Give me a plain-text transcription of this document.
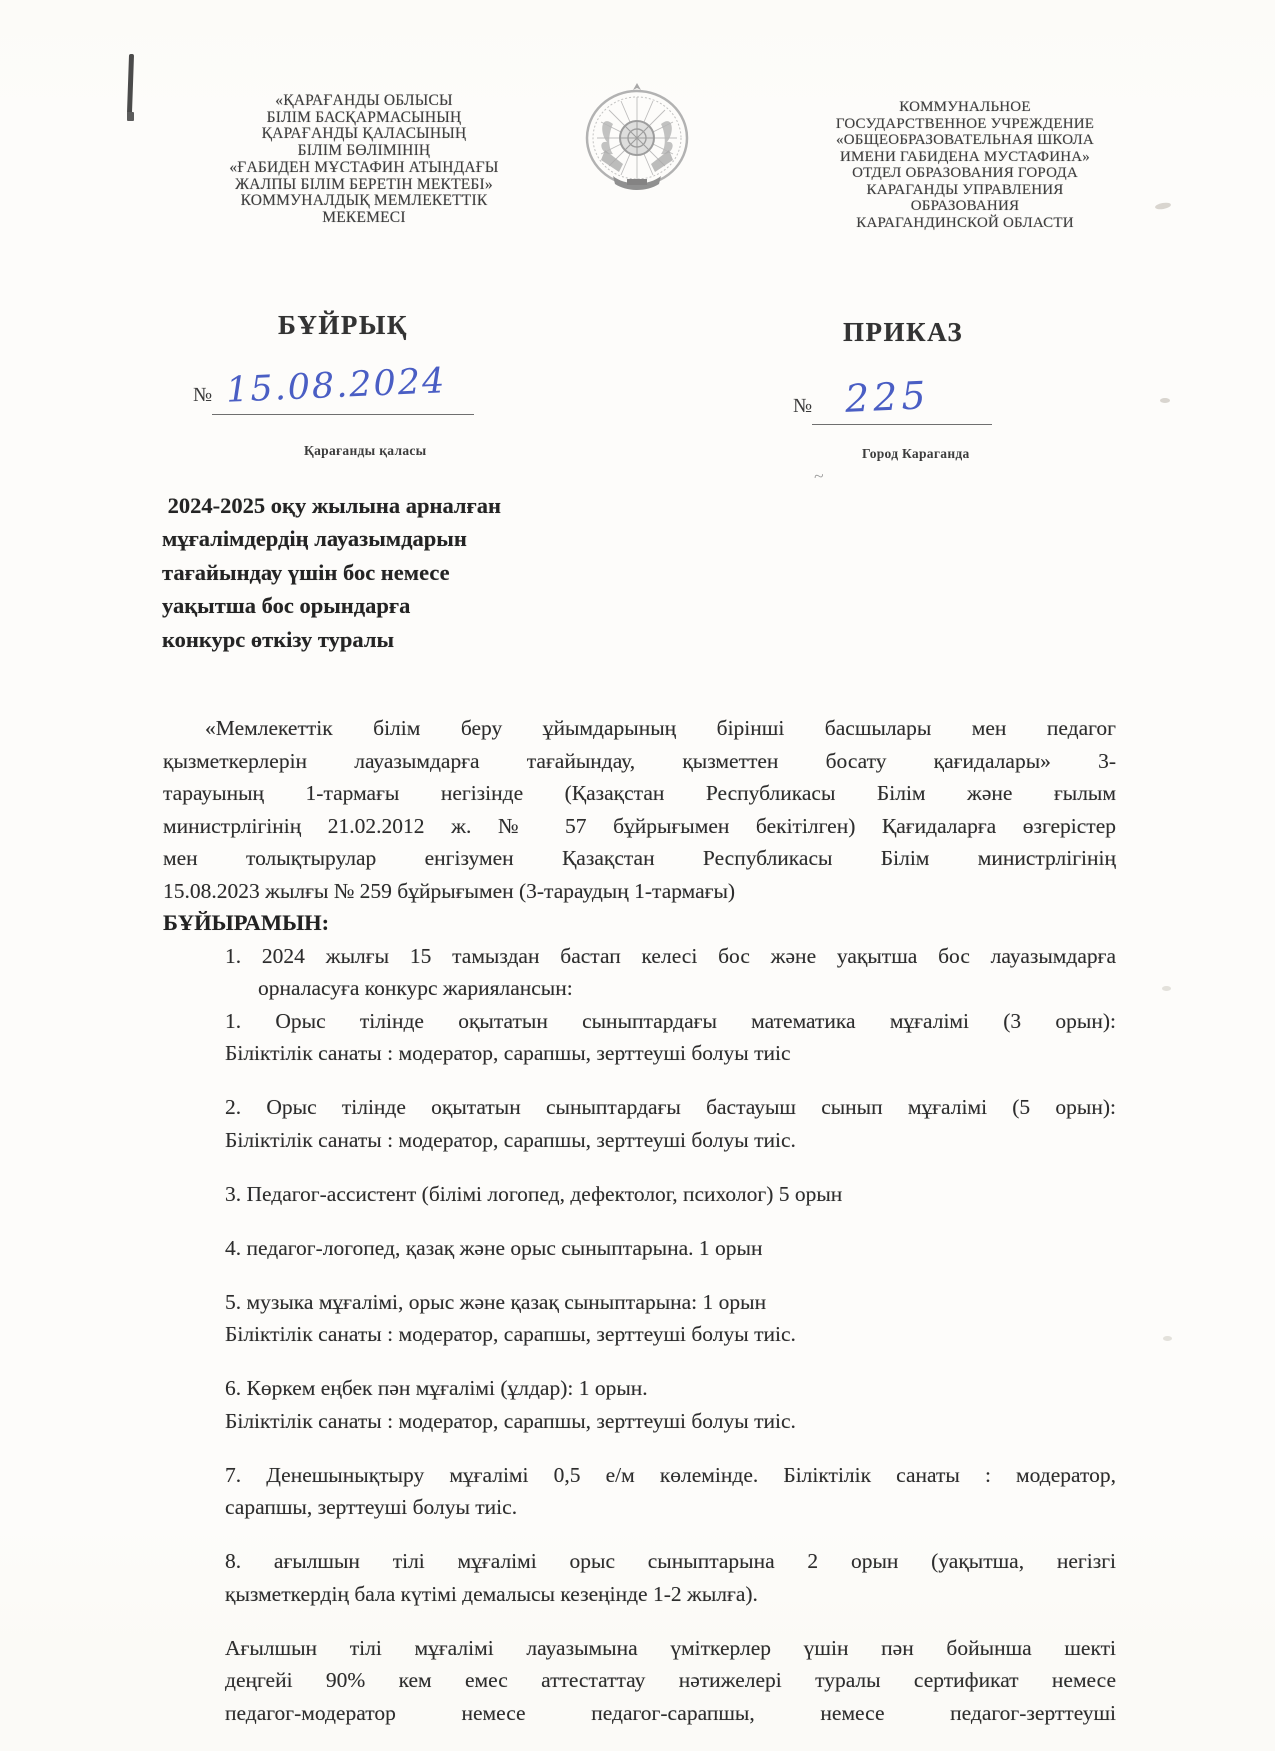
~
«ҚАРАҒАНДЫ ОБЛЫСЫ
БІЛІМ БАСҚАРМАСЫНЫҢ
ҚАРАҒАНДЫ ҚАЛАСЫНЫҢ
БІЛІМ БӨЛІМІНІҢ
«ҒАБИДЕН МҰСТАФИН АТЫНДАҒЫ
ЖАЛПЫ БІЛІМ БЕРЕТІН МЕКТЕБІ»
КОММУНАЛДЫҚ МЕМЛЕКЕТТІК
МЕКЕМЕСІ
КОММУНАЛЬНОЕ
ГОСУДАРСТВЕННОЕ УЧРЕЖДЕНИЕ
«ОБЩЕОБРАЗОВАТЕЛЬНАЯ ШКОЛА
ИМЕНИ ГАБИДЕНА МУСТАФИНА»
ОТДЕЛ ОБРАЗОВАНИЯ ГОРОДА
КАРАГАНДЫ УПРАВЛЕНИЯ
ОБРАЗОВАНИЯ
КАРАГАНДИНСКОЙ ОБЛАСТИ
БҰЙРЫҚ	ПРИКАЗ
№ 15.08.2024	№ 225
Қарағанды қаласы	Город Караганда
2024-2025 оқу жылына арналған
мұғалімдердің лауазымдарын
тағайындау үшін бос немесе
уақытша бос орындарға
конкурс өткізу туралы
«Мемлекеттік білім беру ұйымдарының бірінші басшылары мен педагог
қызметкерлерін лауазымдарға тағайындау, қызметтен босату қағидалары» 3-
тарауының 1-тармағы негізінде (Қазақстан Республикасы Білім және ғылым
министрлігінің 21.02.2012 ж. № 57 бұйрығымен бекітілген) Қағидаларға өзгерістер
мен толықтырулар енгізумен Қазақстан Республикасы Білім министрлігінің
15.08.2023 жылғы № 259 бұйрығымен (3-тараудың 1-тармағы)
БҰЙЫРАМЫН:
1. 2024 жылғы 15 тамыздан бастап келесі бос және уақытша бос лауазымдарға
орналасуға конкурс жариялансын:

1. Орыс тілінде оқытатын сыныптардағы математика мұғалімі (3 орын):
Біліктілік санаты : модератор, сарапшы, зерттеуші болуы тиіс

2. Орыс тілінде оқытатын сыныптардағы бастауыш сынып мұғалімі (5 орын):
Біліктілік санаты : модератор, сарапшы, зерттеуші болуы тиіс.

3. Педагог-ассистент (білімі логопед, дефектолог, психолог) 5 орын

4. педагог-логопед, қазақ және орыс сыныптарына. 1 орын

5. музыка мұғалімі, орыс және қазақ сыныптарына: 1 орын
Біліктілік санаты : модератор, сарапшы, зерттеуші болуы тиіс.

6. Көркем еңбек пән мұғалімі (ұлдар): 1 орын.
Біліктілік санаты : модератор, сарапшы, зерттеуші болуы тиіс.

7. Денешынықтыру мұғалімі 0,5 е/м көлемінде. Біліктілік санаты : модератор,
сарапшы, зерттеуші болуы тиіс.

8. ағылшын тілі мұғалімі орыс сыныптарына 2 орын (уақытша, негізгі
қызметкердің бала күтімі демалысы кезеңінде 1-2 жылға).

Ағылшын тілі мұғалімі лауазымына үміткерлер үшін пән бойынша шекті
деңгейі 90% кем емес аттестаттау нәтижелері туралы сертификат немесе
педагог-модератор немесе педагог-сарапшы, немесе педагог-зерттеуші
